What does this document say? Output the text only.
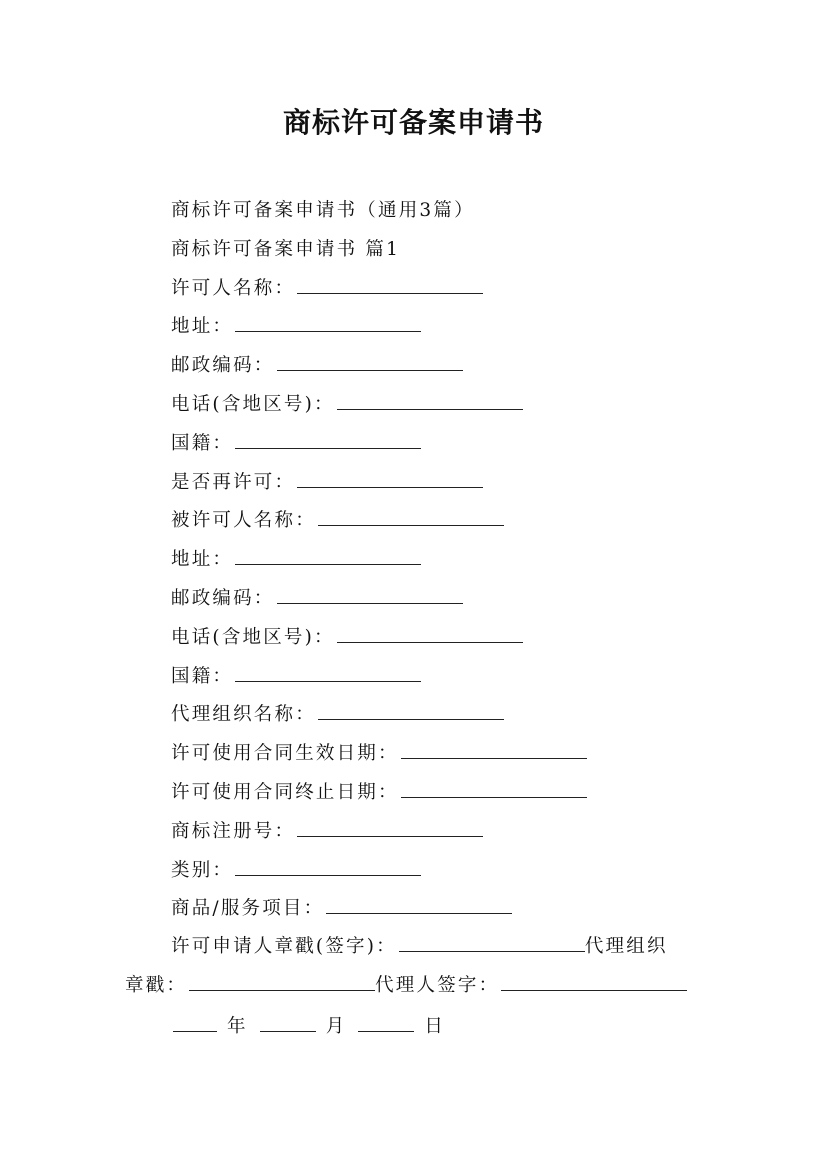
商标许可备案申请书
商标许可备案申请书（通用3篇）
商标许可备案申请书 篇1
许可人名称：
地址：
邮政编码：
电话(含地区号)：
国籍：
是否再许可：
被许可人名称：
地址：
邮政编码：
电话(含地区号)：
国籍：
代理组织名称：
许可使用合同生效日期：
许可使用合同终止日期：
商标注册号：
类别：
商品/服务项目：
许可申请人章戳(签字)：	代理组织
章戳：	代理人签字：
年	月	日
